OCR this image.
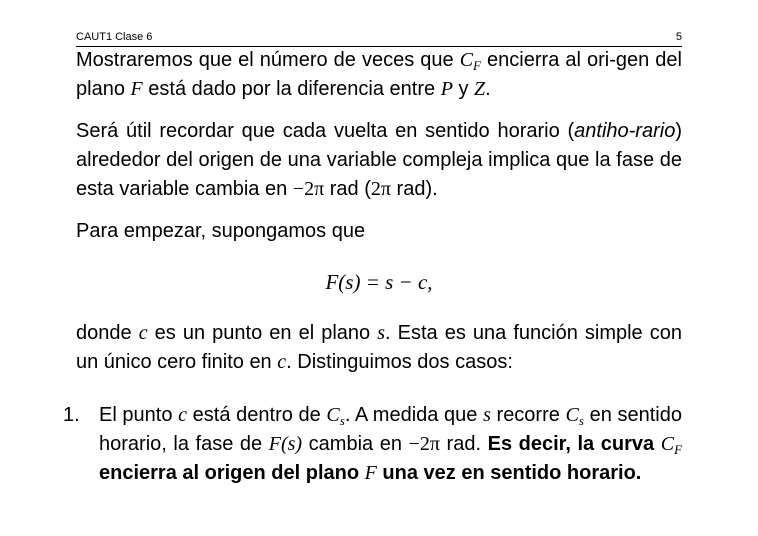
CAUT1 Clase 6	5

Mostraremos que el número de veces que $C_F$ encierra al ori-gen del plano F está dado por la diferencia entre P y Z.

Será útil recordar que cada vuelta en sentido horario (antiho-rario) alrededor del origen de una variable compleja implica que la fase de esta variable cambia en −2π rad (2π rad).

Para empezar, supongamos que

F(s) = s − c,

donde c es un punto en el plano s. Esta es una función simple con un único cero finito en c. Distinguimos dos casos:

1. El punto c está dentro de $C_s$. A medida que s recorre $C_s$ en sentido horario, la fase de F(s) cambia en −2π rad. Es decir, la curva $C_F$ encierra al origen del plano F una vez en sentido horario.
